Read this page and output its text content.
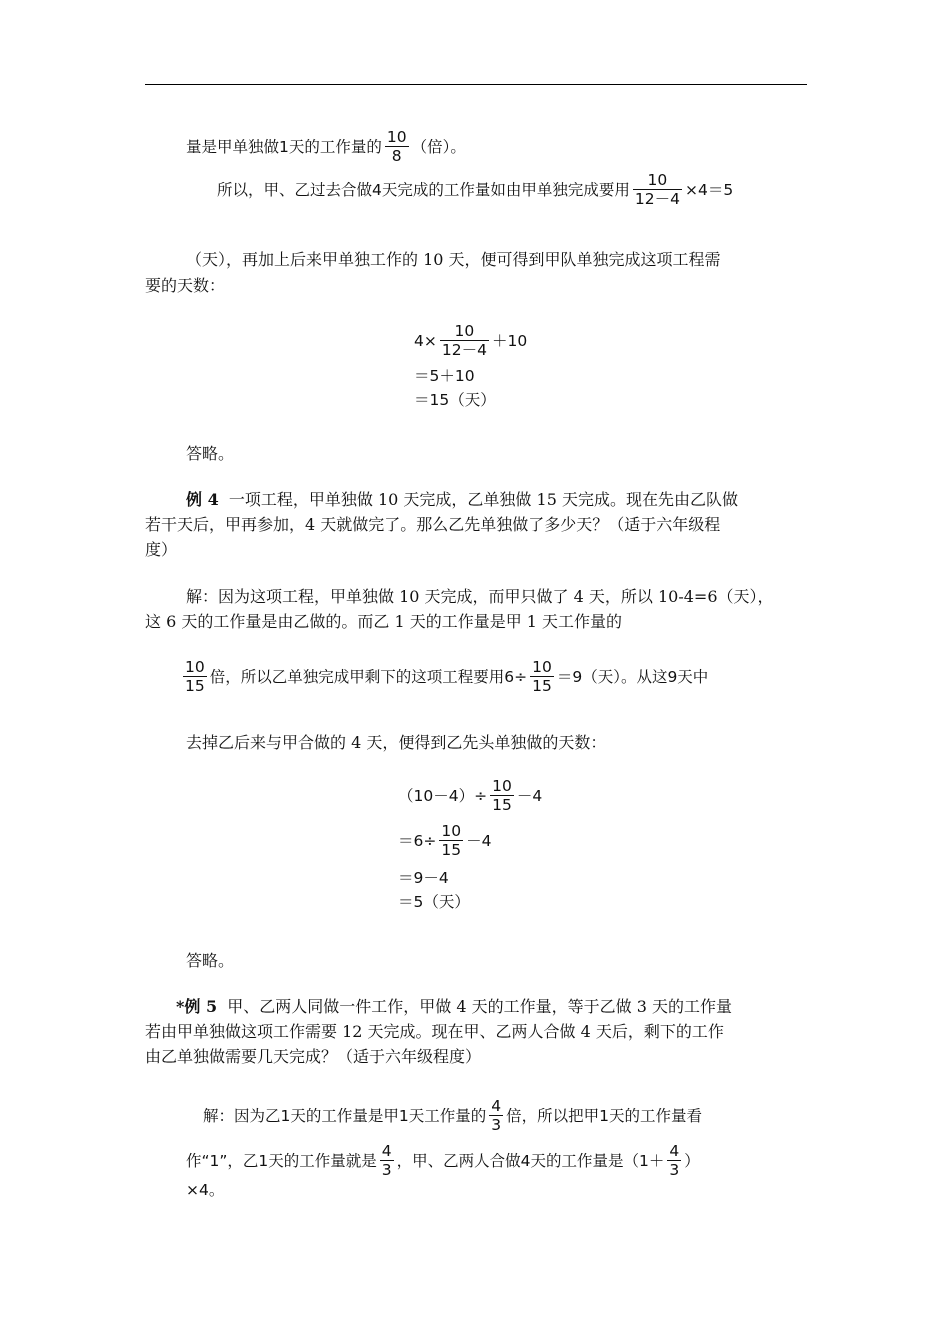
量是甲单独做1天的工作量的 $\frac{10}{8}$ （倍）。
所以，甲、乙过去合做4天完成的工作量如由甲单独完成要用 $\frac{10}{12-4} \times 4=5$
（天），再加上后来甲单独工作的 10 天，便可得到甲队单独完成这项工程需
要的天数：
$4\times \frac{10}{12-4} +10$
＝5＋10
＝15（天）
答略。
例 4 一项工程，甲单独做 10 天完成，乙单独做 15 天完成。现在先由乙队做
若干天后，甲再参加，4 天就做完了。那么乙先单独做了多少天？（适于六年级程
度）
解：因为这项工程，甲单独做 10 天完成，而甲只做了 4 天，所以 10-4=6（天），
这 6 天的工作量是由乙做的。而乙 1 天的工作量是甲 1 天工作量的
$\frac{10}{15}$ 倍，所以乙单独完成甲剩下的这项工程要用$6\div \frac{10}{15} =9$（天）。从这9天中
去掉乙后来与甲合做的 4 天，便得到乙先头单独做的天数：
$(10-4)\div \frac{10}{15} -4$
$=6\div \frac{10}{15} -4$
＝9－4
＝5（天）
答略。
*例 5 甲、乙两人同做一件工作，甲做 4 天的工作量，等于乙做 3 天的工作量
若由甲单独做这项工作需要 12 天完成。现在甲、乙两人合做 4 天后，剩下的工作
由乙单独做需要几天完成？（适于六年级程度）
解：因为乙1天的工作量是甲1天工作量的 $\frac{4}{3}$ 倍，所以把甲1天的工作量看
作“1”，乙1天的工作量就是 $\frac{4}{3}$ ，甲、乙两人合做4天的工作量是（$1+ \frac{4}{3}$ ）
×4。
